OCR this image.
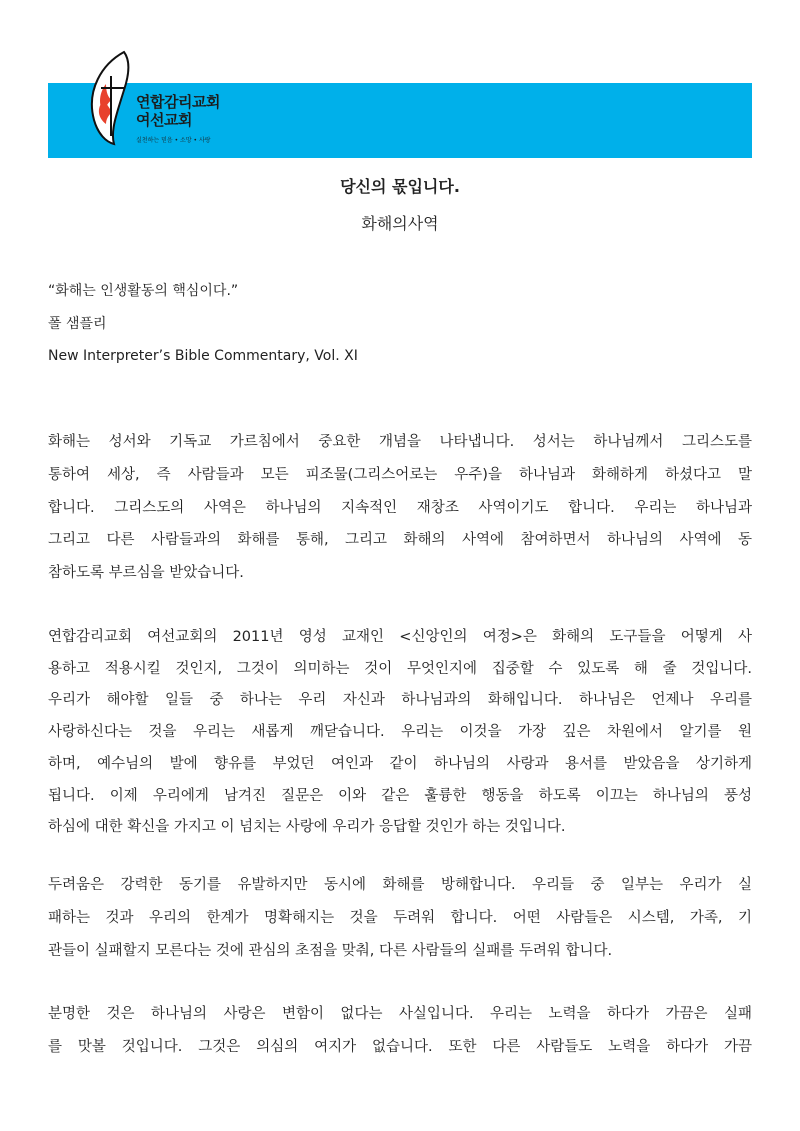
연합감리교회
여선교회
실천하는 믿음 • 소망 • 사랑
당신의 몫입니다.
화해의사역
“화해는 인생활동의 핵심이다.”
폴 샘플리
New Interpreter’s Bible Commentary, Vol. XI
화해는 성서와 기독교 가르침에서 중요한 개념을 나타냅니다. 성서는 하나님께서 그리스도를
통하여 세상, 즉 사람들과 모든 피조물(그리스어로는 우주)을 하나님과 화해하게 하셨다고 말
합니다. 그리스도의 사역은 하나님의 지속적인 재창조 사역이기도 합니다. 우리는 하나님과
그리고 다른 사람들과의 화해를 통해, 그리고 화해의 사역에 참여하면서 하나님의 사역에 동
참하도록 부르심을 받았습니다.
연합감리교회 여선교회의 2011년 영성 교재인 <신앙인의 여정>은 화해의 도구들을 어떻게 사
용하고 적용시킬 것인지, 그것이 의미하는 것이 무엇인지에 집중할 수 있도록 해 줄 것입니다.
우리가 해야할 일들 중 하나는 우리 자신과 하나님과의 화해입니다. 하나님은 언제나 우리를
사랑하신다는 것을 우리는 새롭게 깨닫습니다. 우리는 이것을 가장 깊은 차원에서 알기를 원
하며, 예수님의 발에 향유를 부었던 여인과 같이 하나님의 사랑과 용서를 받았음을 상기하게
됩니다. 이제 우리에게 남겨진 질문은 이와 같은 훌륭한 행동을 하도록 이끄는 하나님의 풍성
하심에 대한 확신을 가지고 이 넘치는 사랑에 우리가 응답할 것인가 하는 것입니다.
두려움은 강력한 동기를 유발하지만 동시에 화해를 방해합니다. 우리들 중 일부는 우리가 실
패하는 것과 우리의 한계가 명확해지는 것을 두려워 합니다. 어떤 사람들은 시스템, 가족, 기
관들이 실패할지 모른다는 것에 관심의 초점을 맞춰, 다른 사람들의 실패를 두려워 합니다.
분명한 것은 하나님의 사랑은 변함이 없다는 사실입니다. 우리는 노력을 하다가 가끔은 실패
를 맛볼 것입니다. 그것은 의심의 여지가 없습니다. 또한 다른 사람들도 노력을 하다가 가끔
